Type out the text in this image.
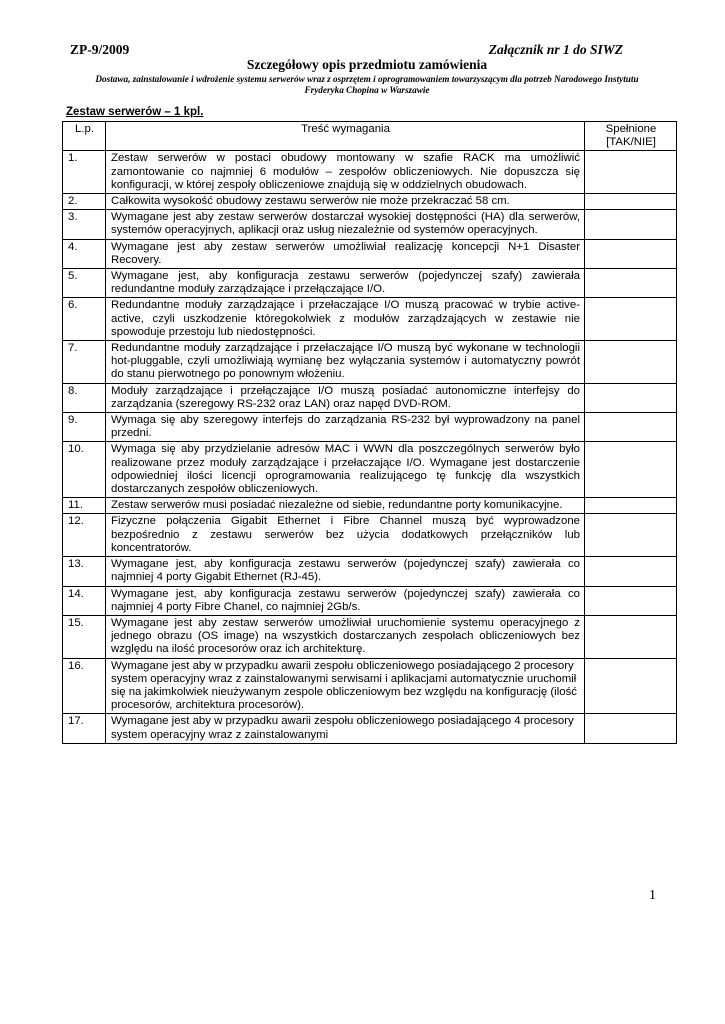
ZP-9/2009	Załącznik nr 1 do SIWZ
Szczegółowy opis przedmiotu zamówienia
Dostawa, zainstalowanie i wdrożenie systemu serwerów wraz z osprzętem i oprogramowaniem towarzyszącym dla potrzeb Narodowego Instytutu
Fryderyka Chopina w Warszawie
Zestaw serwerów – 1 kpl.
L.p.	Treść wymagania	Spełnione [TAK/NIE]
1.	Zestaw serwerów w postaci obudowy montowany w szafie RACK ma umożliwić zamontowanie co najmniej 6 modułów – zespołów obliczeniowych. Nie dopuszcza się konfiguracji, w której zespoły obliczeniowe znajdują się w oddzielnych obudowach.	
2.	Całkowita wysokość obudowy zestawu serwerów nie może przekraczać 58 cm.	
3.	Wymagane jest aby zestaw serwerów dostarczał wysokiej dostępności (HA) dla serwerów, systemów operacyjnych, aplikacji oraz usług niezależnie od systemów operacyjnych.	
4.	Wymagane jest aby zestaw serwerów umożliwiał realizację koncepcji N+1 Disaster Recovery.	
5.	Wymagane jest, aby konfiguracja zestawu serwerów (pojedynczej szafy) zawierała redundantne moduły zarządzające i przełączające I/O.	
6.	Redundantne moduły zarządzające i przełaczające I/O muszą pracować w trybie active-active, czyli uszkodzenie któregokolwiek z modułów zarządzających w zestawie nie spowoduje przestoju lub niedostępności.	
7.	Redundantne moduły zarządzające i przełaczające I/O muszą być wykonane w technologii hot-pluggable, czyli umożliwiają wymianę bez wyłączania systemów i automatyczny powrót do stanu pierwotnego po ponownym włożeniu.	
8.	Moduły zarządzające i przełączające I/O muszą posiadać autonomiczne interfejsy do zarządzania (szeregowy RS-232 oraz LAN) oraz napęd DVD-ROM.	
9.	Wymaga się aby szeregowy interfejs do zarządzania RS-232 był wyprowadzony na panel przedni.	
10.	Wymaga się aby przydzielanie adresów MAC i WWN dla poszczególnych serwerów było realizowane przez moduły zarządzające i przełaczające I/O. Wymagane jest dostarczenie odpowiedniej ilości licencji oprogramowania realizującego tę funkcję dla wszystkich dostarczanych zespołów obliczeniowych.	
11.	Zestaw serwerów musi posiadać niezależne od siebie, redundantne porty komunikacyjne.	
12.	Fizyczne połączenia Gigabit Ethernet i Fibre Channel muszą być wyprowadzone bezpośrednio z zestawu serwerów bez użycia dodatkowych przełączników lub koncentratorów.	
13.	Wymagane jest, aby konfiguracja zestawu serwerów (pojedynczej szafy) zawierała co najmniej 4 porty Gigabit Ethernet (RJ-45).	
14.	Wymagane jest, aby konfiguracja zestawu serwerów (pojedynczej szafy) zawierała co najmniej 4 porty Fibre Chanel, co najmniej 2Gb/s.	
15.	Wymagane jest aby zestaw serwerów umożliwiał uruchomienie systemu operacyjnego z jednego obrazu (OS image) na wszystkich dostarczanych zespołach obliczeniowych bez względu na ilość procesorów oraz ich architekturę.	
16.	Wymagane jest aby w przypadku awarii zespołu obliczeniowego posiadającego 2 procesory system operacyjny wraz z zainstalowanymi serwisami i aplikacjami automatycznie uruchomił się na jakimkolwiek nieużywanym zespole obliczeniowym bez względu na konfigurację (ilość procesorów, architektura procesorów).	
17.	Wymagane jest aby w przypadku awarii zespołu obliczeniowego posiadającego 4 procesory system operacyjny wraz z zainstalowanymi	
1
